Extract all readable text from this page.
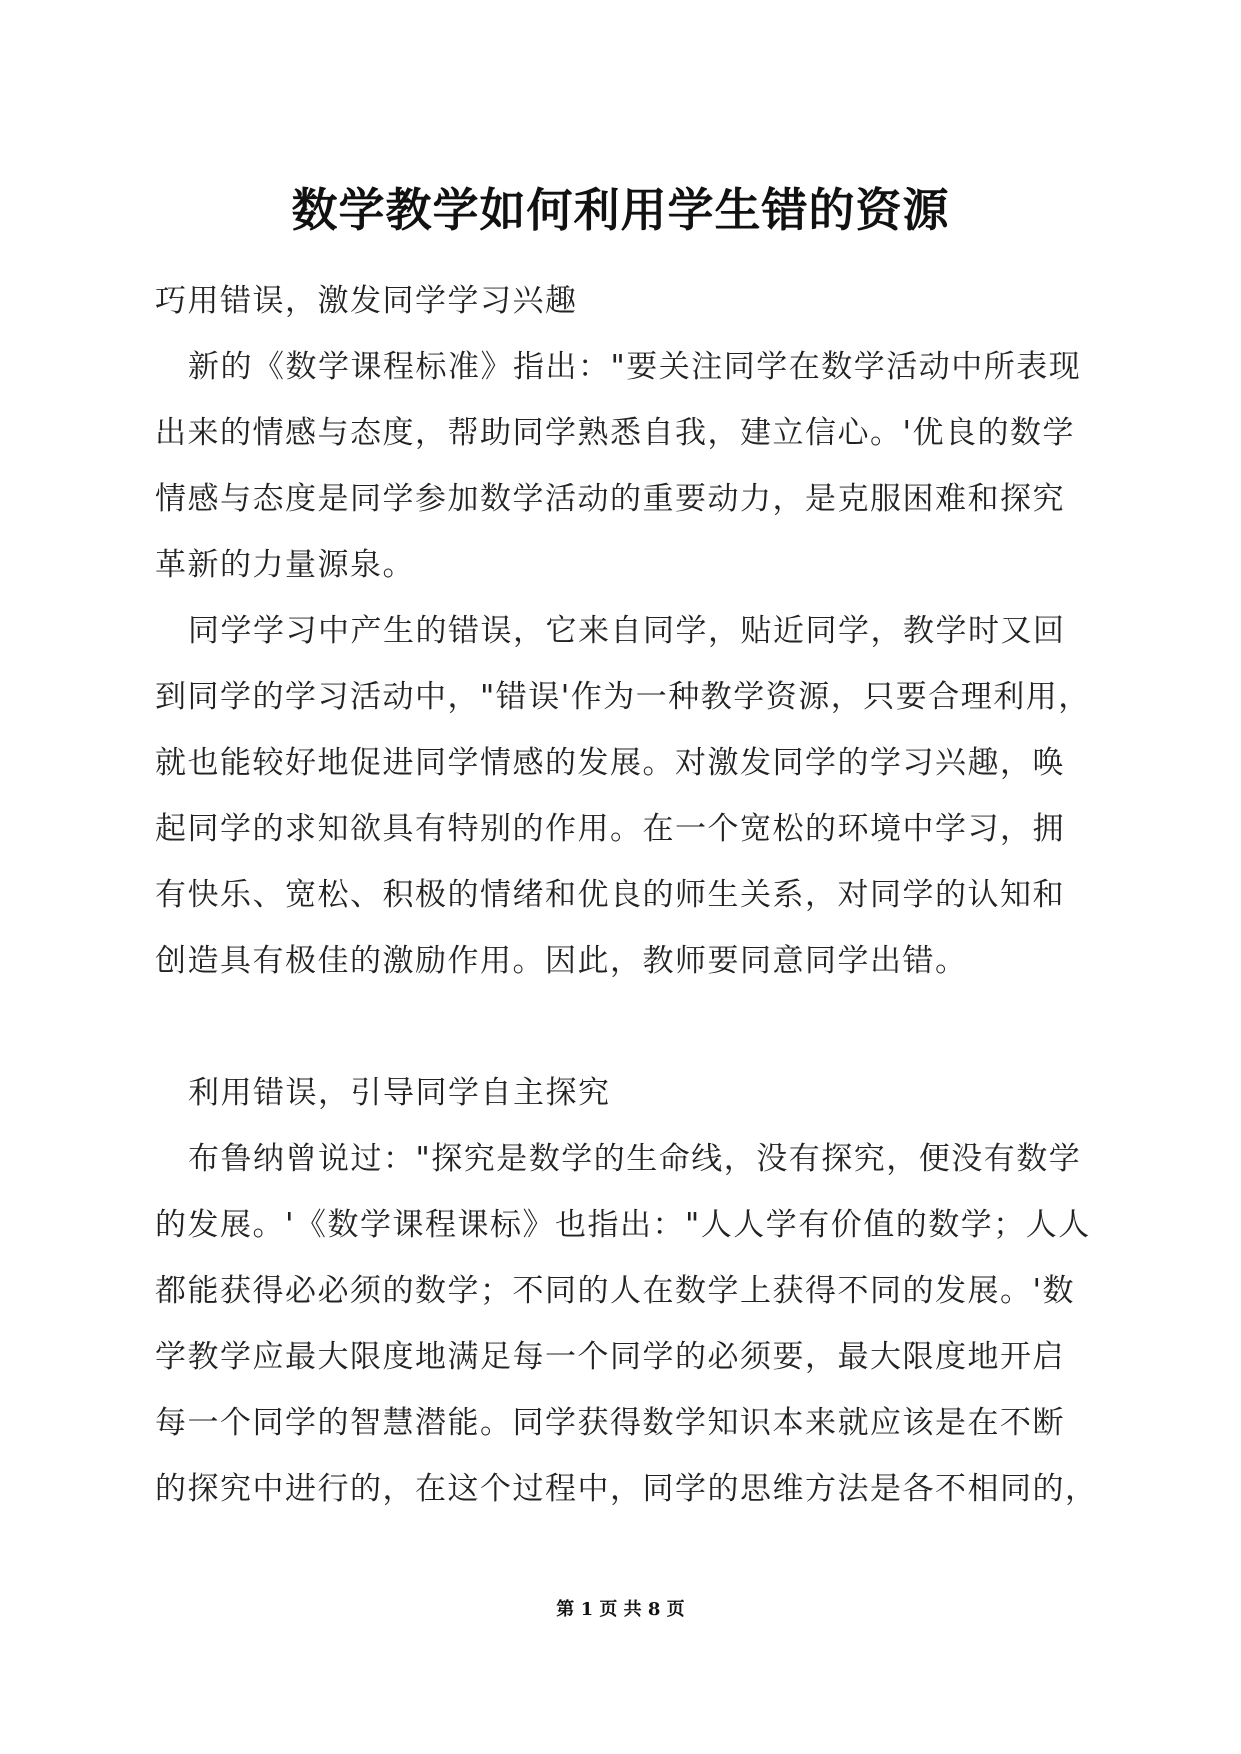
数学教学如何利用学生错的资源
巧用错误，激发同学学习兴趣
新的《数学课程标准》指出："要关注同学在数学活动中所表现
出来的情感与态度，帮助同学熟悉自我，建立信心。'优良的数学
情感与态度是同学参加数学活动的重要动力，是克服困难和探究
革新的力量源泉。
同学学习中产生的错误，它来自同学，贴近同学，教学时又回
到同学的学习活动中，"错误'作为一种教学资源，只要合理利用，
就也能较好地促进同学情感的发展。对激发同学的学习兴趣，唤
起同学的求知欲具有特别的作用。在一个宽松的环境中学习，拥
有快乐、宽松、积极的情绪和优良的师生关系，对同学的认知和
创造具有极佳的激励作用。因此，教师要同意同学出错。
利用错误，引导同学自主探究
布鲁纳曾说过："探究是数学的生命线，没有探究，便没有数学
的发展。'《数学课程课标》也指出："人人学有价值的数学；人人
都能获得必必须的数学；不同的人在数学上获得不同的发展。'数
学教学应最大限度地满足每一个同学的必须要，最大限度地开启
每一个同学的智慧潜能。同学获得数学知识本来就应该是在不断
的探究中进行的，在这个过程中，同学的思维方法是各不相同的，
第 1 页 共 8 页
